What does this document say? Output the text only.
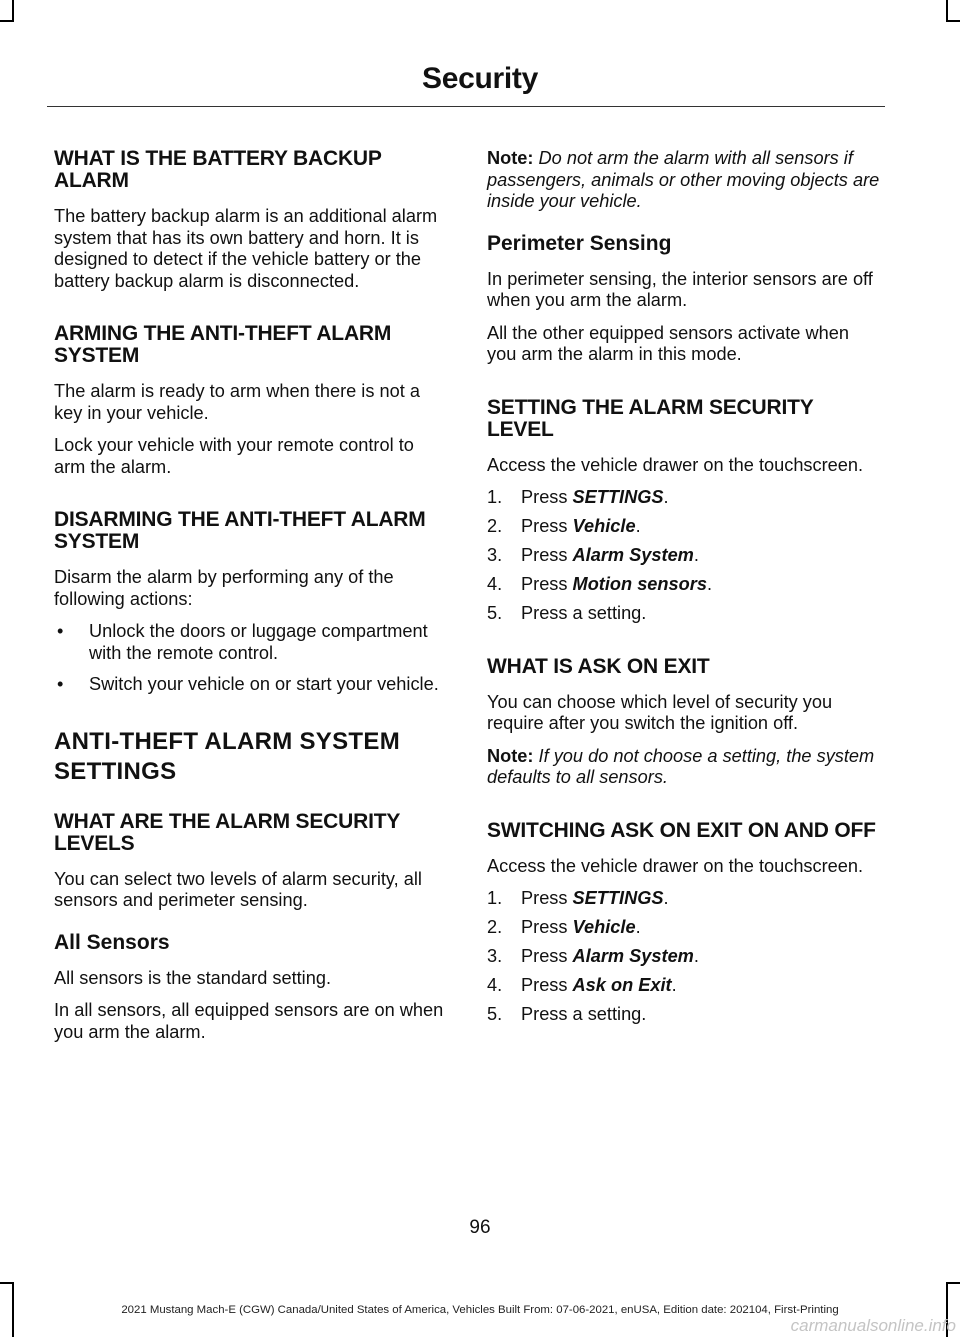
Security
WHAT IS THE BATTERY BACKUP ALARM

The battery backup alarm is an additional alarm system that has its own battery and horn. It is designed to detect if the vehicle battery or the battery backup alarm is disconnected.

ARMING THE ANTI-THEFT ALARM SYSTEM

The alarm is ready to arm when there is not a key in your vehicle.

Lock your vehicle with your remote control to arm the alarm.

DISARMING THE ANTI-THEFT ALARM SYSTEM

Disarm the alarm by performing any of the following actions:

• Unlock the doors or luggage compartment with the remote control.
• Switch your vehicle on or start your vehicle.
ANTI-THEFT ALARM SYSTEM
SETTINGS
WHAT ARE THE ALARM SECURITY LEVELS

You can select two levels of alarm security, all sensors and perimeter sensing.

All Sensors

All sensors is the standard setting.

In all sensors, all equipped sensors are on when you arm the alarm.

Note: Do not arm the alarm with all sensors if passengers, animals or other moving objects are inside your vehicle.

Perimeter Sensing

In perimeter sensing, the interior sensors are off when you arm the alarm.

All the other equipped sensors activate when you arm the alarm in this mode.

SETTING THE ALARM SECURITY LEVEL

Access the vehicle drawer on the touchscreen.

1. Press SETTINGS.
2. Press Vehicle.
3. Press Alarm System.
4. Press Motion sensors.
5. Press a setting.
WHAT IS ASK ON EXIT

You can choose which level of security you require after you switch the ignition off.

Note: If you do not choose a setting, the system defaults to all sensors.

SWITCHING ASK ON EXIT ON AND OFF

Access the vehicle drawer on the touchscreen.

1. Press SETTINGS.
2. Press Vehicle.
3. Press Alarm System.
4. Press Ask on Exit.
5. Press a setting.
96
2021 Mustang Mach-E (CGW) Canada/United States of America, Vehicles Built From: 07-06-2021, enUSA, Edition date: 202104, First-Printing
carmanualsonline.info
